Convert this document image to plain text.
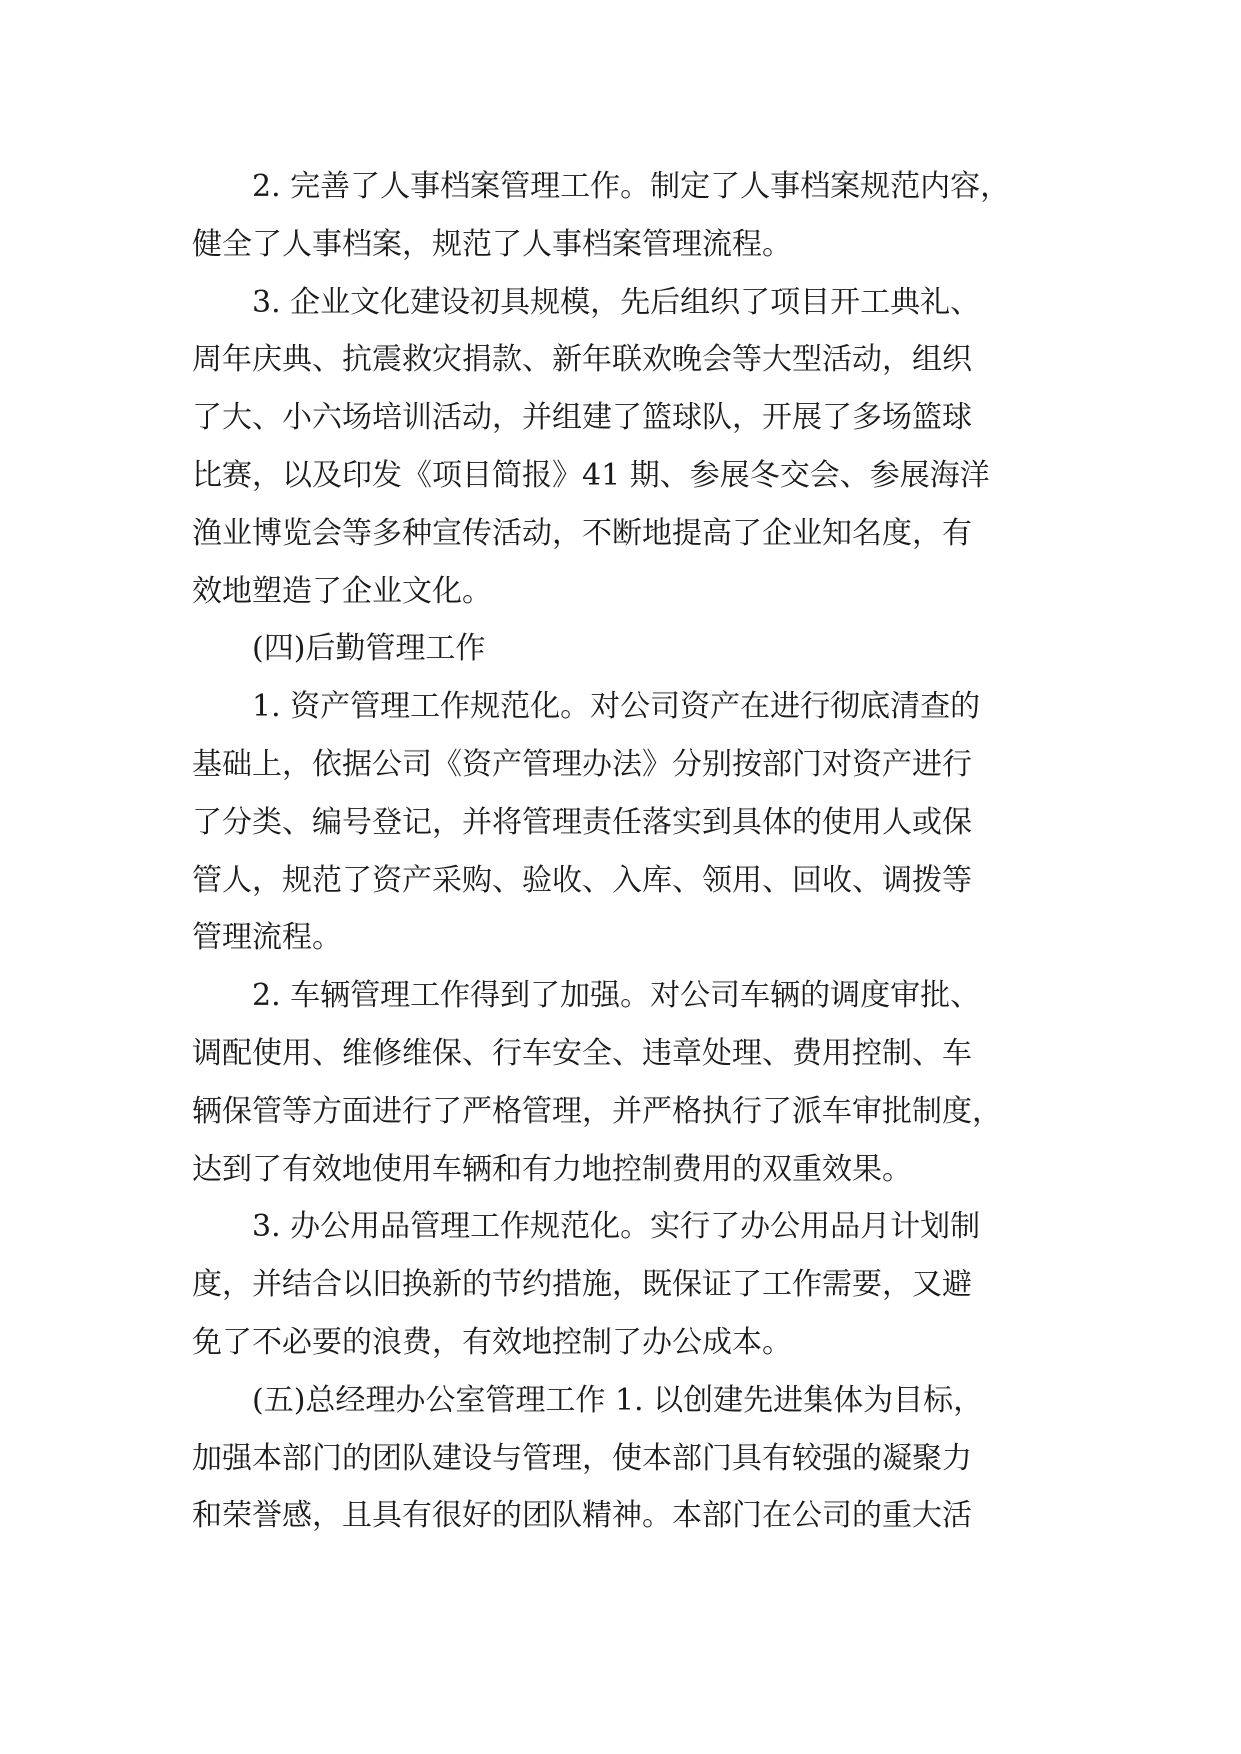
2. 完善了人事档案管理工作。制定了人事档案规范内容，
健全了人事档案，规范了人事档案管理流程。
3. 企业文化建设初具规模，先后组织了项目开工典礼、
周年庆典、抗震救灾捐款、新年联欢晚会等大型活动，组织
了大、小六场培训活动，并组建了篮球队，开展了多场篮球
比赛，以及印发《项目简报》41 期、参展冬交会、参展海洋
渔业博览会等多种宣传活动，不断地提高了企业知名度，有
效地塑造了企业文化。
(四)后勤管理工作
1. 资产管理工作规范化。对公司资产在进行彻底清查的
基础上，依据公司《资产管理办法》分别按部门对资产进行
了分类、编号登记，并将管理责任落实到具体的使用人或保
管人，规范了资产采购、验收、入库、领用、回收、调拨等
管理流程。
2. 车辆管理工作得到了加强。对公司车辆的调度审批、
调配使用、维修维保、行车安全、违章处理、费用控制、车
辆保管等方面进行了严格管理，并严格执行了派车审批制度，
达到了有效地使用车辆和有力地控制费用的双重效果。
3. 办公用品管理工作规范化。实行了办公用品月计划制
度，并结合以旧换新的节约措施，既保证了工作需要，又避
免了不必要的浪费，有效地控制了办公成本。
(五)总经理办公室管理工作 1. 以创建先进集体为目标，
加强本部门的团队建设与管理，使本部门具有较强的凝聚力
和荣誉感，且具有很好的团队精神。本部门在公司的重大活
